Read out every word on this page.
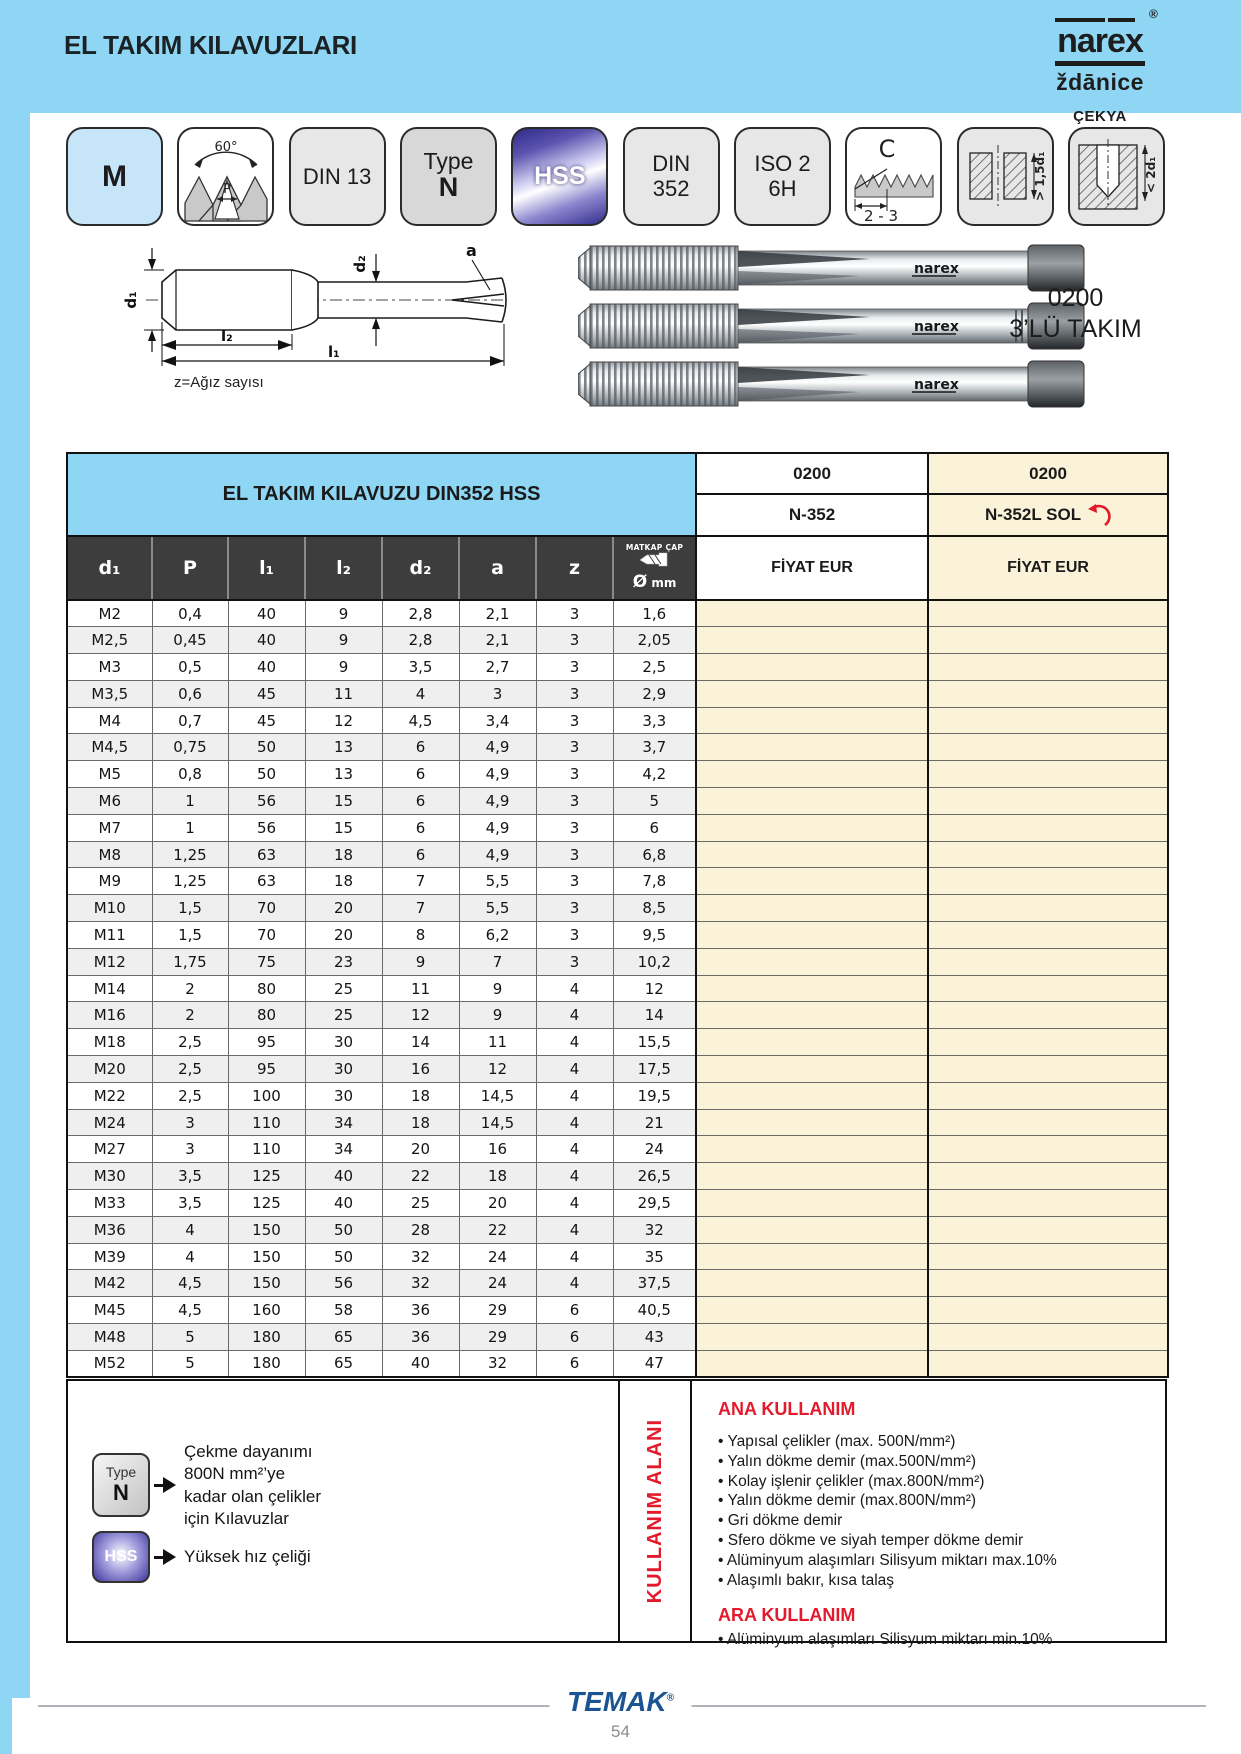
EL TAKIM KILAVUZLARI	narex
®
ždānice
ÇEKYA
M
60°
P
DIN 13
Type
N	HSS	DIN
352
ISO 2
6H
C
2 - 3
> 1,5d₁	< 2d₁
d₁
d₂
a
l₂
l₁
z=Ağız sayısı
0200
3’LÜ TAKIM
EL TAKIM KILAVUZU DIN352 HSS								0200	0200
								N-352	N-352L SOL

d₁	P	l₁	l₂	d₂	a	z	MATKAP ÇAP
Ø mm	FİYAT EUR	FİYAT EUR
M2	0,4	40	9	2,8	2,1	3	1,6		
M2,5	0,45	40	9	2,8	2,1	3	2,05		
M3	0,5	40	9	3,5	2,7	3	2,5		
M3,5	0,6	45	11	4	3	3	2,9		
M4	0,7	45	12	4,5	3,4	3	3,3		
M4,5	0,75	50	13	6	4,9	3	3,7		
M5	0,8	50	13	6	4,9	3	4,2		
M6	1	56	15	6	4,9	3	5		
M7	1	56	15	6	4,9	3	6		
M8	1,25	63	18	6	4,9	3	6,8		
M9	1,25	63	18	7	5,5	3	7,8		
M10	1,5	70	20	7	5,5	3	8,5		
M11	1,5	70	20	8	6,2	3	9,5		
M12	1,75	75	23	9	7	3	10,2		
M14	2	80	25	11	9	4	12		
M16	2	80	25	12	9	4	14		
M18	2,5	95	30	14	11	4	15,5		
M20	2,5	95	30	16	12	4	17,5		
M22	2,5	100	30	18	14,5	4	19,5		
M24	3	110	34	18	14,5	4	21		
M27	3	110	34	20	16	4	24		
M30	3,5	125	40	22	18	4	26,5		
M33	3,5	125	40	25	20	4	29,5		
M36	4	150	50	28	22	4	32		
M39	4	150	50	32	24	4	35		
M42	4,5	150	56	32	24	4	37,5		
M45	4,5	160	58	36	29	6	40,5		
M48	5	180	65	36	29	6	43		
M52	5	180	65	40	32	6	47		
Type
N
Çekme dayanımı
800N mm²’ye
kadar olan çelikler
için Kılavuzlar
HSS	Yüksek hız çeliği	KULLANIM ALANI
ANA KULLANIM
• Yapısal çelikler (max. 500N/mm²)
• Yalın dökme demir (max.500N/mm²)
• Kolay işlenir çelikler (max.800N/mm²)
• Yalın dökme demir (max.800N/mm²)
• Gri dökme demir
• Sfero dökme ve siyah temper dökme demir
• Alüminyum alaşımları Silisyum miktarı max.10%
• Alaşımlı bakır, kısa talaş
ARA KULLANIM
• Alüminyum alaşımları Silisyum miktarı min.10%
TEMAK®
54
